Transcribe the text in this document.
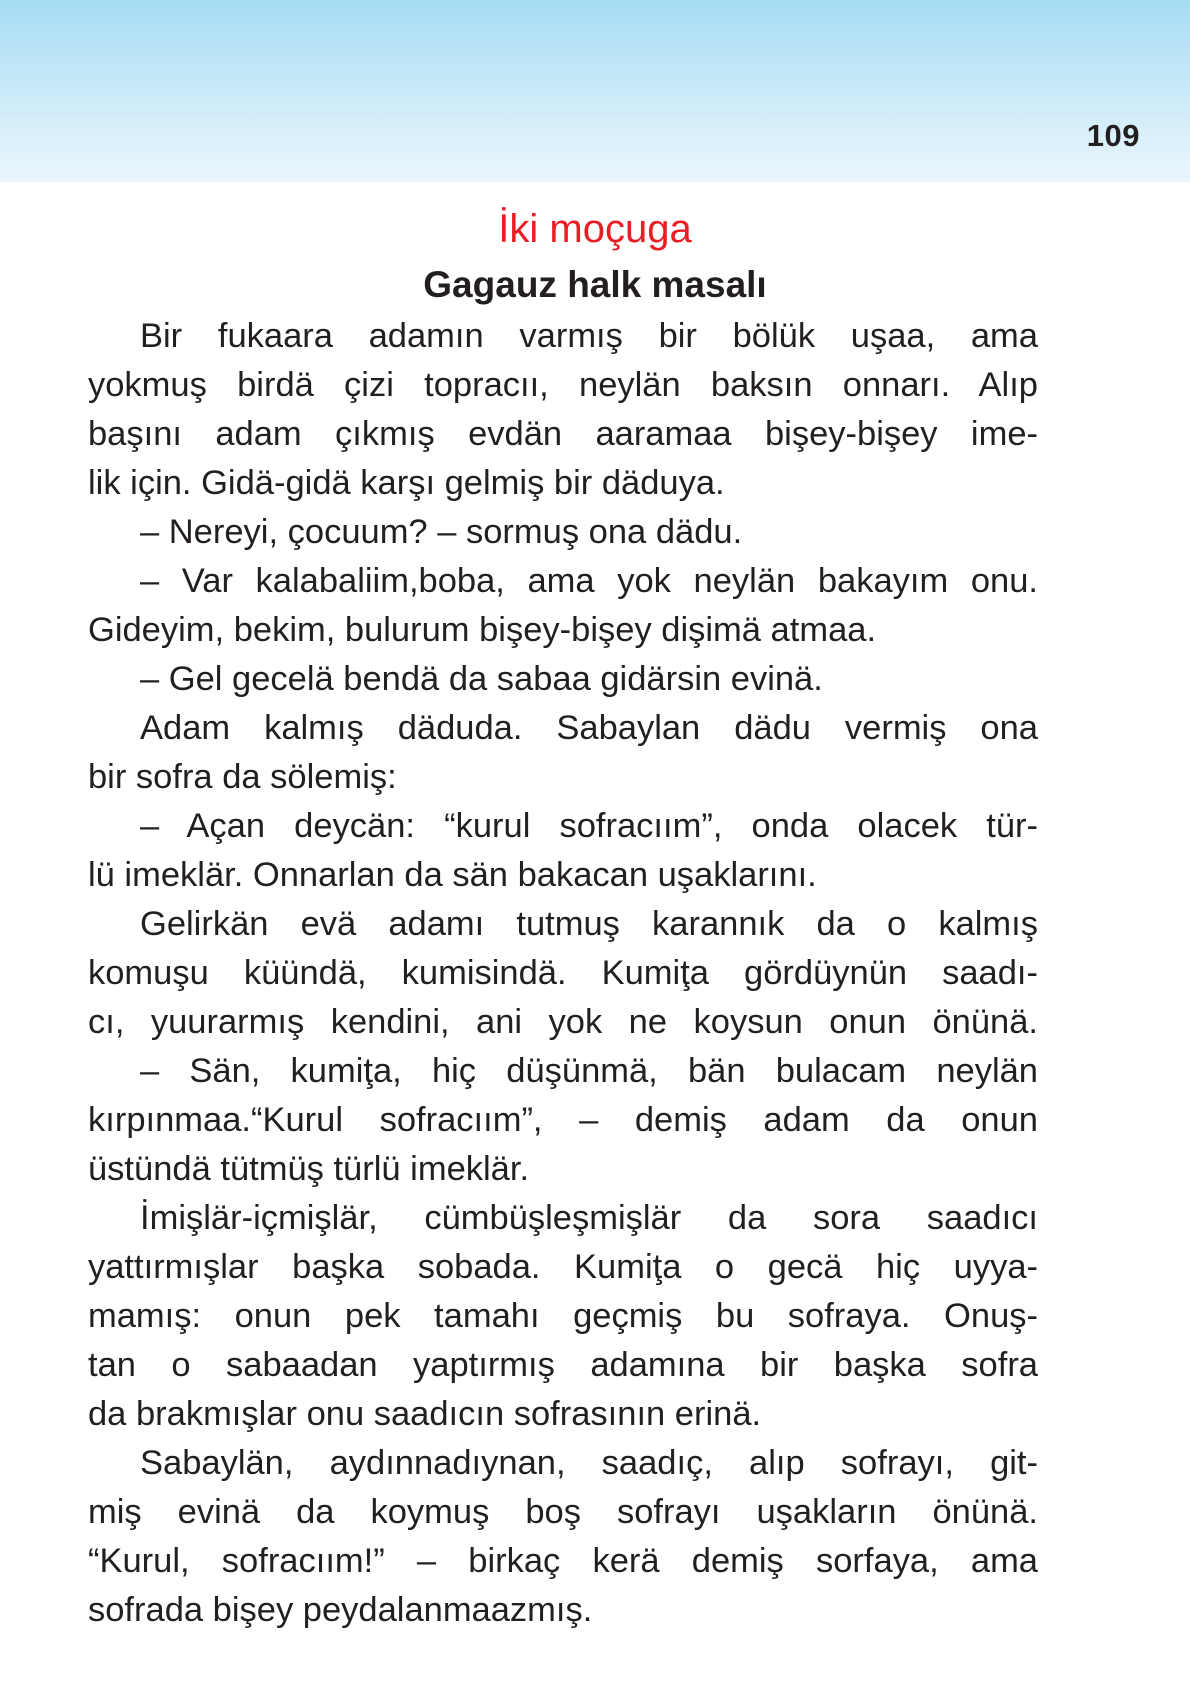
109
İki moçuga
Gagauz halk masalı
Bir fukaara adamın varmış bir bölük uşaa, ama
yokmuş birdä çizi topracıı, neylän baksın onnarı. Alıp
başını adam çıkmış evdän aaramaa bişey-bişey ime-
lik için. Gidä-gidä karşı gelmiş bir däduya.
– Nereyi, çocuum? – sormuş ona dädu.
– Var kalabaliim,boba, ama yok neylän bakayım onu.
Gideyim, bekim, bulurum bişey-bişey dişimä atmaa.
– Gel gecelä bendä da sabaa gidärsin evinä.
Adam kalmış däduda. Sabaylan dädu vermiş ona
bir sofra da sölemiş:
– Açan deycän: “kurul sofracıım”, onda olacek tür-
lü imeklär. Onnarlan da sän bakacan uşaklarını.
Gelirkän evä adamı tutmuş karannık da o kalmış
komuşu küündä, kumisindä. Kumiţa gördüynün saadı-
cı, yuurarmış kendini, ani yok ne koysun onun önünä.
– Sän, kumiţa, hiç düşünmä, bän bulacam neylän
kırpınmaa.“Kurul sofracıım”, – demiş adam da onun
üstündä tütmüş türlü imeklär.
İmişlär-içmişlär, cümbüşleşmişlär da sora saadıcı
yattırmışlar başka sobada. Kumiţa o gecä hiç uyya-
mamış: onun pek tamahı geçmiş bu sofraya. Onuş-
tan o sabaadan yaptırmış adamına bir başka sofra
da brakmışlar onu saadıcın sofrasının erinä.
Sabaylän, aydınnadıynan, saadıç, alıp sofrayı, git-
miş evinä da koymuş boş sofrayı uşakların önünä.
“Kurul, sofracıım!” – birkaç kerä demiş sorfaya, ama
sofrada bişey peydalanmaazmış.
